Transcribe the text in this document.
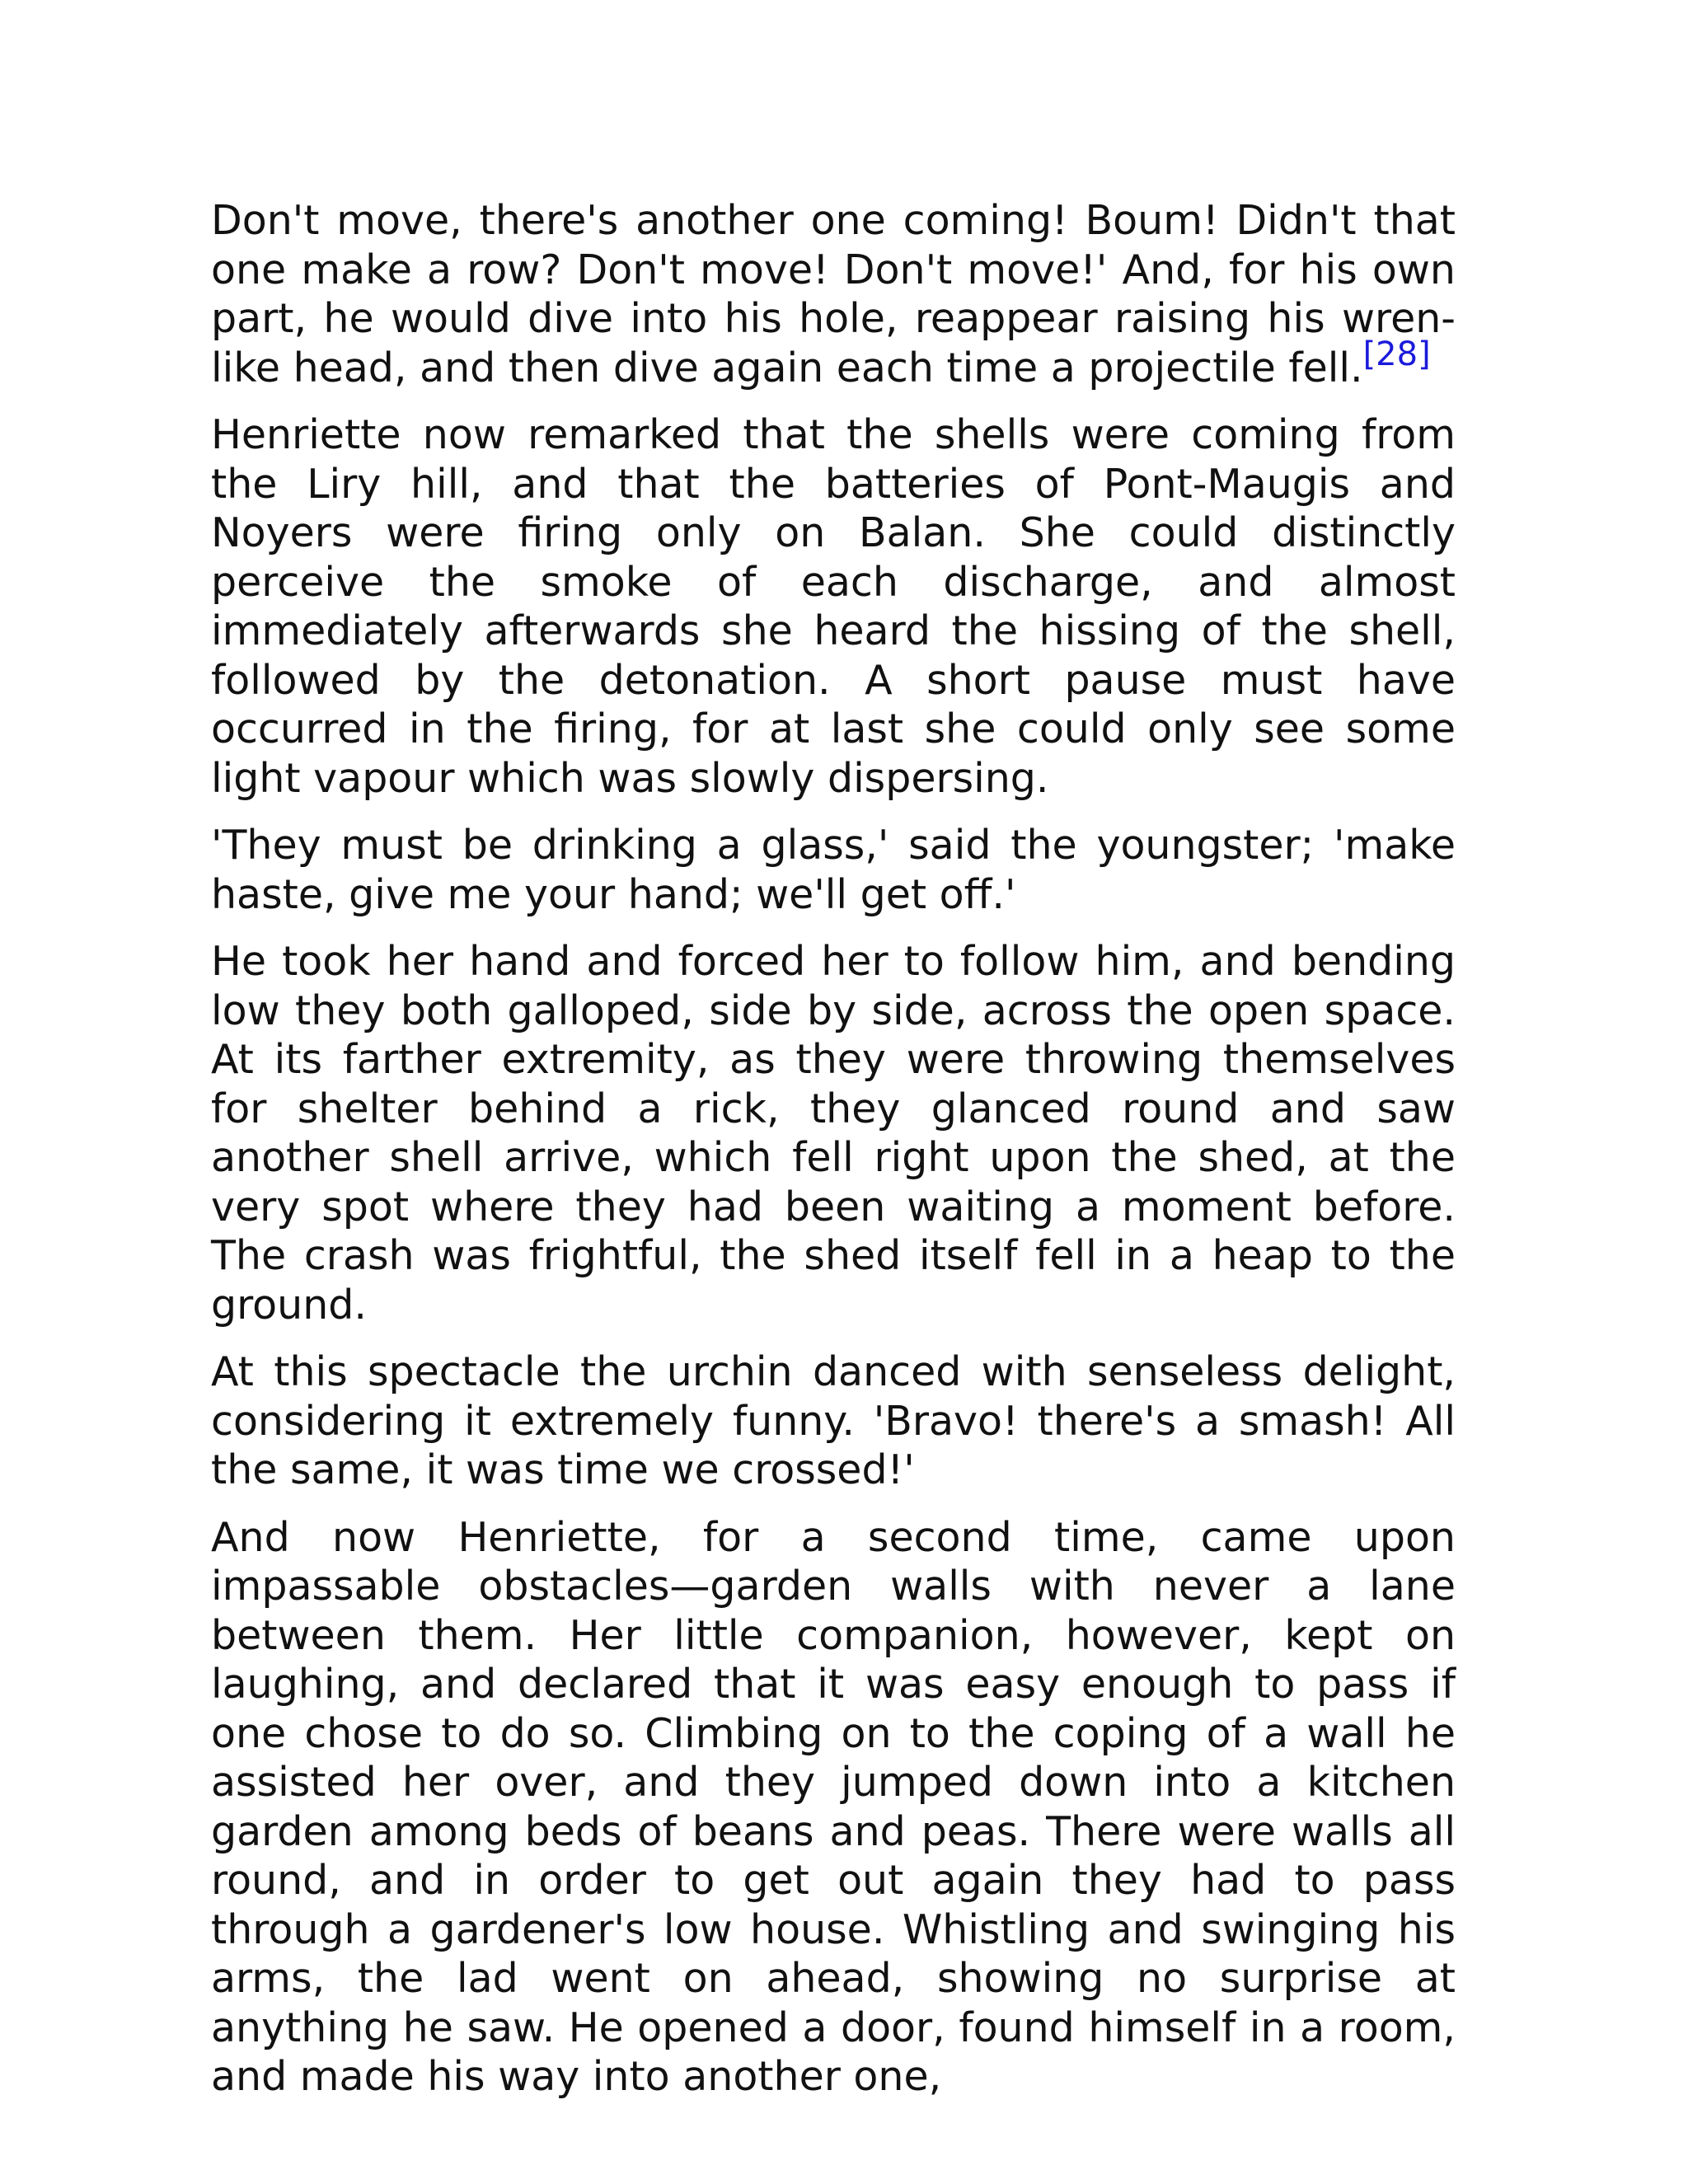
Don't move, there's another one coming! Boum! Didn't that one make a row? Don't move! Don't move!' And, for his own part, he would dive into his hole, reappear raising his wren-like head, and then dive again each time a projectile fell.[28]

Henriette now remarked that the shells were coming from the Liry hill, and that the batteries of Pont-Maugis and Noyers were firing only on Balan. She could distinctly perceive the smoke of each discharge, and almost immediately afterwards she heard the hissing of the shell, followed by the detonation. A short pause must have occurred in the firing, for at last she could only see some light vapour which was slowly dispersing.

'They must be drinking a glass,' said the youngster; 'make haste, give me your hand; we'll get off.'

He took her hand and forced her to follow him, and bending low they both galloped, side by side, across the open space. At its farther extremity, as they were throwing themselves for shelter behind a rick, they glanced round and saw another shell arrive, which fell right upon the shed, at the very spot where they had been waiting a moment before. The crash was frightful, the shed itself fell in a heap to the ground.

At this spectacle the urchin danced with senseless delight, considering it extremely funny. 'Bravo! there's a smash! All the same, it was time we crossed!'

And now Henriette, for a second time, came upon impassable obstacles—garden walls with never a lane between them. Her little companion, however, kept on laughing, and declared that it was easy enough to pass if one chose to do so. Climbing on to the coping of a wall he assisted her over, and they jumped down into a kitchen garden among beds of beans and peas. There were walls all round, and in order to get out again they had to pass through a gardener's low house. Whistling and swinging his arms, the lad went on ahead, showing no surprise at anything he saw. He opened a door, found himself in a room, and made his way into another one,
